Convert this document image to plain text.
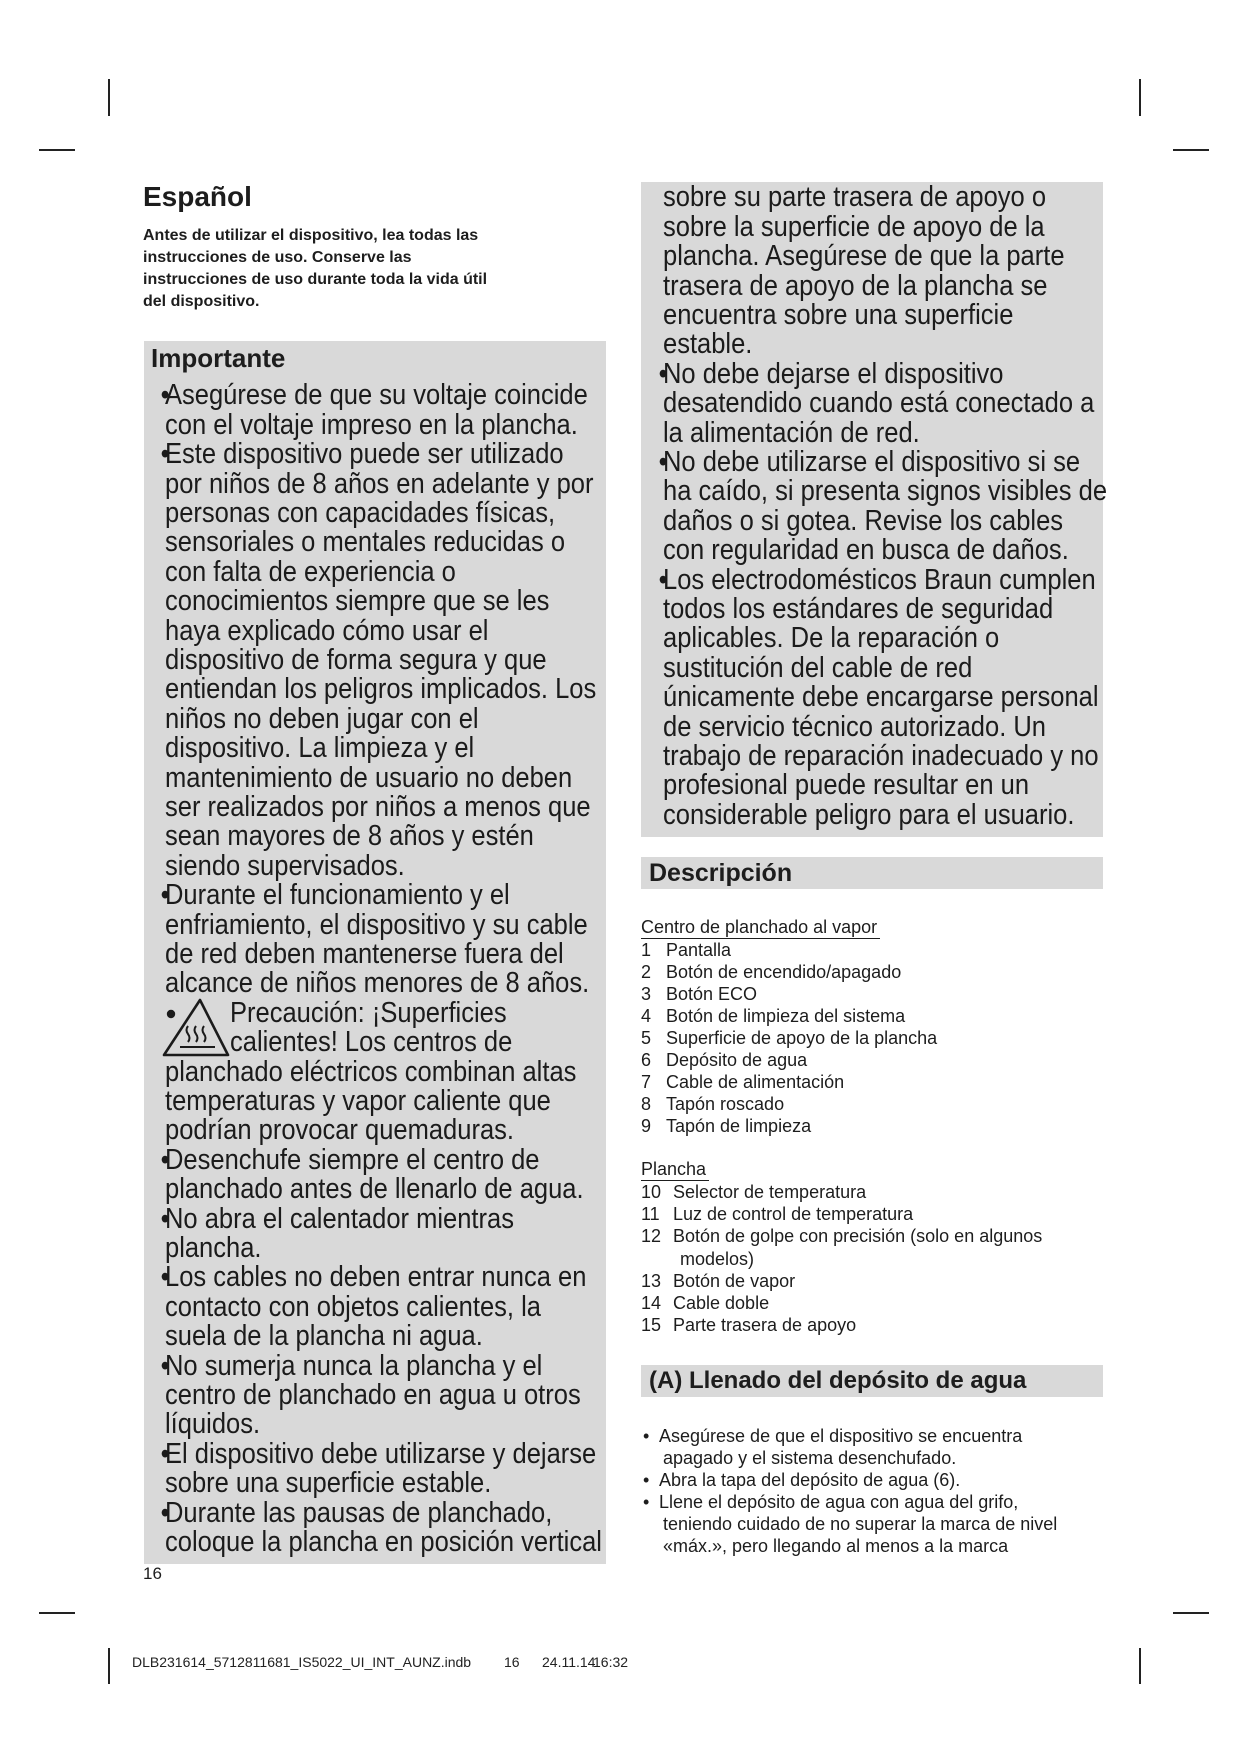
Español
Antes de utilizar el dispositivo, lea todas las
instrucciones de uso. Conserve las
instrucciones de uso durante toda la vida útil
del dispositivo.
Importante
Descripción
Centro de planchado al vapor
Plancha
(A) Llenado del depósito de agua
16
DLB231614_5712811681_IS5022_UI_INT_AUNZ.indb 16 24.11.14
16:32
• Asegúrese de que su voltaje coincide
con el voltaje impreso en la plancha.
• Este dispositivo puede ser utilizado
por niños de 8 años en adelante y por
personas con capacidades físicas,
sensoriales o mentales reducidas o
con falta de experiencia o
conocimientos siempre que se les
haya explicado cómo usar el
dispositivo de forma segura y que
entiendan los peligros implicados. Los
niños no deben jugar con el
dispositivo. La limpieza y el
mantenimiento de usuario no deben
ser realizados por niños a menos que
sean mayores de 8 años y estén
siendo supervisados.
• Durante el funcionamiento y el
enfriamiento, el dispositivo y su cable
de red deben mantenerse fuera del
alcance de niños menores de 8 años.
Precaución: ¡Superficies
calientes! Los centros de
planchado eléctricos combinan altas
temperaturas y vapor caliente que
podrían provocar quemaduras.
• Desenchufe siempre el centro de
planchado antes de llenarlo de agua.
• No abra el calentador mientras
plancha.
• Los cables no deben entrar nunca en
contacto con objetos calientes, la
suela de la plancha ni agua.
• No sumerja nunca la plancha y el
centro de planchado en agua u otros
líquidos.
• El dispositivo debe utilizarse y dejarse
sobre una superficie estable.
• Durante las pausas de planchado,
coloque la plancha en posición vertical
sobre su parte trasera de apoyo o
sobre la superficie de apoyo de la
plancha. Asegúrese de que la parte
trasera de apoyo de la plancha se
encuentra sobre una superficie
estable.
• No debe dejarse el dispositivo
desatendido cuando está conectado a
la alimentación de red.
• No debe utilizarse el dispositivo si se
ha caído, si presenta signos visibles de
daños o si gotea. Revise los cables
con regularidad en busca de daños.
• Los electrodomésticos Braun cumplen
todos los estándares de seguridad
aplicables. De la reparación o
sustitución del cable de red
únicamente debe encargarse personal
de servicio técnico autorizado. Un
trabajo de reparación inadecuado y no
profesional puede resultar en un
considerable peligro para el usuario.
1 Pantalla
2 Botón de encendido/apagado
3 Botón ECO
4 Botón de limpieza del sistema
5 Superficie de apoyo de la plancha
6 Depósito de agua
7 Cable de alimentación
8 Tapón roscado
9 Tapón de limpieza
10 Selector de temperatura
11 Luz de control de temperatura
12 Botón de golpe con precisión (solo en algunos
modelos)
13 Botón de vapor
14 Cable doble
15 Parte trasera de apoyo
•
Asegúrese de que el dispositivo se encuentra
apagado y el sistema desenchufado.
•
Abra la tapa del depósito de agua (6).
•
Llene el depósito de agua con agua del grifo,
teniendo cuidado de no superar la marca de nivel
«máx.», pero llegando al menos a la marca
